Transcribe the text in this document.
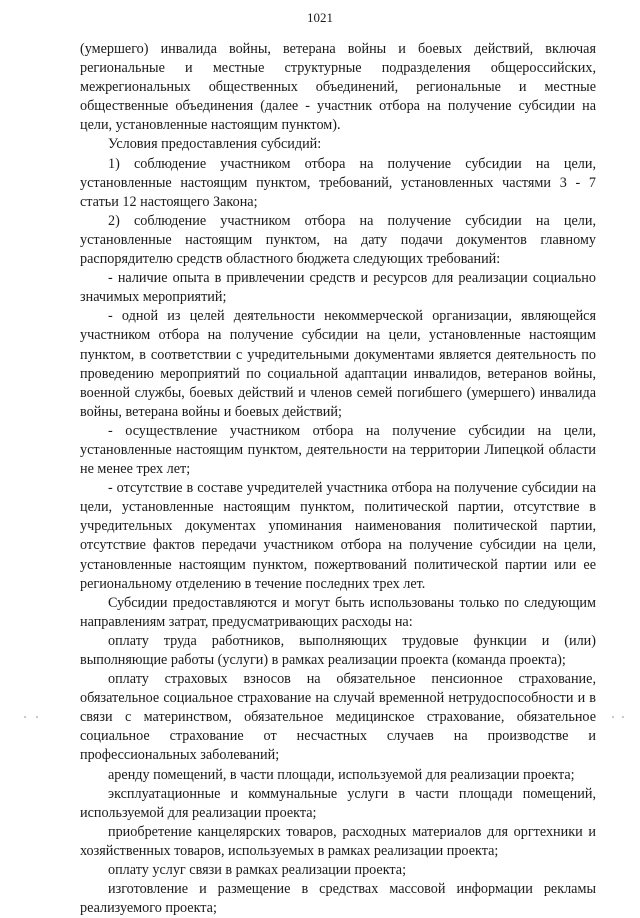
1021

(умершего) инвалида войны, ветерана войны и боевых действий, включая региональные и местные структурные подразделения общероссийских, межрегиональных общественных объединений, региональные и местные общественные объединения (далее - участник отбора на получение субсидии на цели, установленные настоящим пунктом).

Условия предоставления субсидий:

1) соблюдение участником отбора на получение субсидии на цели, установленные настоящим пунктом, требований, установленных частями 3 - 7 статьи 12 настоящего Закона;

2) соблюдение участником отбора на получение субсидии на цели, установленные настоящим пунктом, на дату подачи документов главному распорядителю средств областного бюджета следующих требований:

- наличие опыта в привлечении средств и ресурсов для реализации социально значимых мероприятий;

- одной из целей деятельности некоммерческой организации, являющейся участником отбора на получение субсидии на цели, установленные настоящим пунктом, в соответствии с учредительными документами является деятельность по проведению мероприятий по социальной адаптации инвалидов, ветеранов войны, военной службы, боевых действий и членов семей погибшего (умершего) инвалида войны, ветерана войны и боевых действий;

- осуществление участником отбора на получение субсидии на цели, установленные настоящим пунктом, деятельности на территории Липецкой области не менее трех лет;

- отсутствие в составе учредителей участника отбора на получение субсидии на цели, установленные настоящим пунктом, политической партии, отсутствие в учредительных документах упоминания наименования политической партии, отсутствие фактов передачи участником отбора на получение субсидии на цели, установленные настоящим пунктом, пожертвований политической партии или ее региональному отделению в течение последних трех лет.

Субсидии предоставляются и могут быть использованы только по следующим направлениям затрат, предусматривающих расходы на:

оплату труда работников, выполняющих трудовые функции и (или) выполняющие работы (услуги) в рамках реализации проекта (команда проекта);

оплату страховых взносов на обязательное пенсионное страхование, обязательное социальное страхование на случай временной нетрудоспособности и в связи с материнством, обязательное медицинское страхование, обязательное социальное страхование от несчастных случаев на производстве и профессиональных заболеваний;

аренду помещений, в части площади, используемой для реализации проекта;

эксплуатационные и коммунальные услуги в части площади помещений, используемой для реализации проекта;

приобретение канцелярских товаров, расходных материалов для оргтехники и хозяйственных товаров, используемых в рамках реализации проекта;

оплату услуг связи в рамках реализации проекта;

изготовление и размещение в средствах массовой информации рекламы реализуемого проекта;
